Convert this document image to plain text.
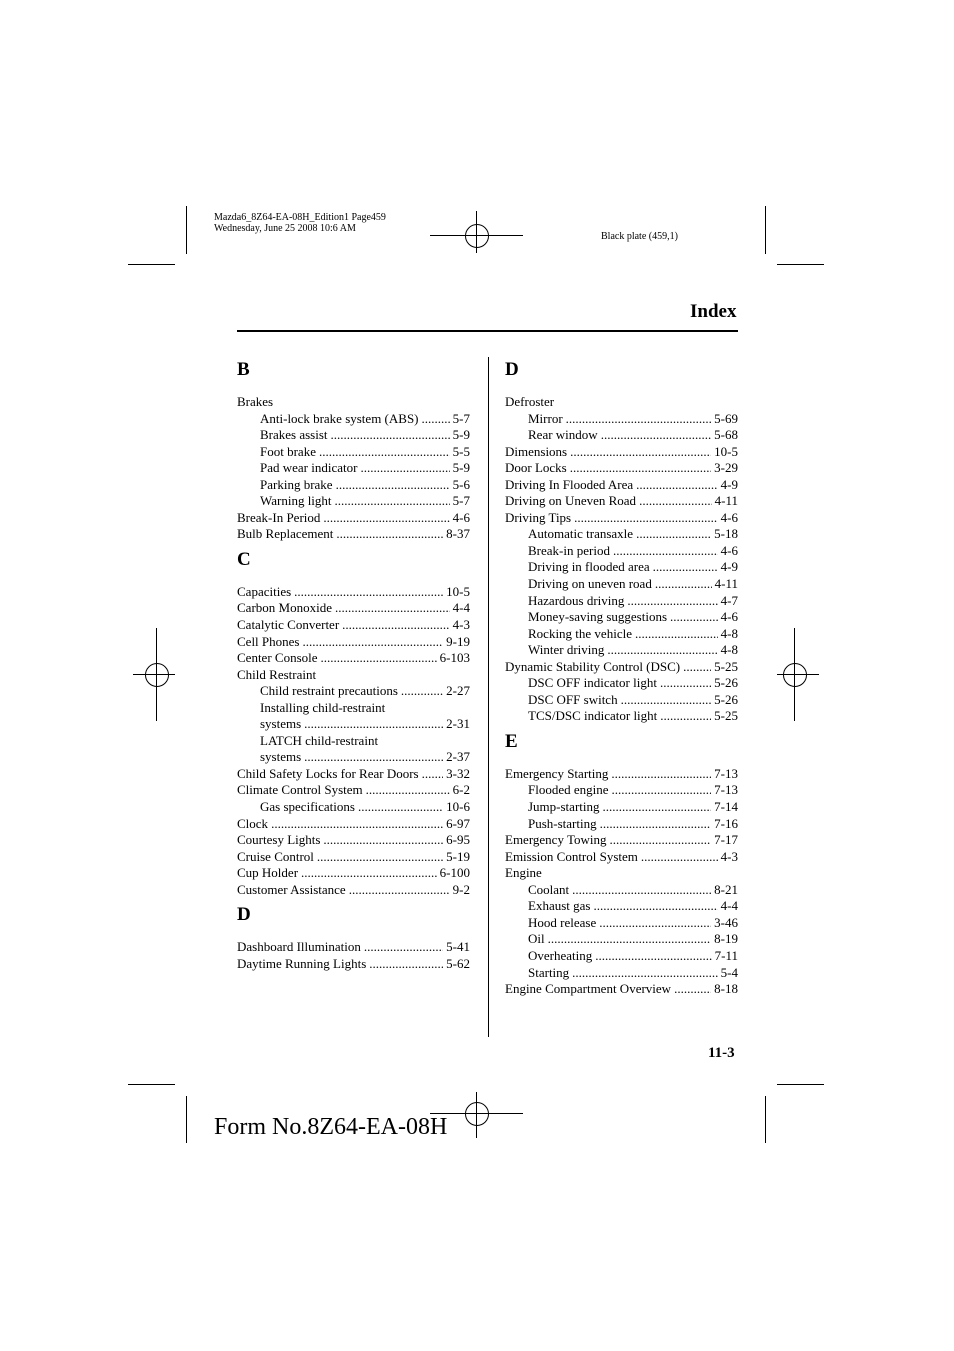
Mazda6_8Z64-EA-08H_Edition1 Page459
Wednesday, June 25 2008 10:6 AM
Black plate (459,1)
Index
B
Brakes
Anti-lock brake system (ABS) .....	5-7
Brakes assist .....	5-9
Foot brake .....	5-5
Pad wear indicator .....	5-9
Parking brake .....	5-6
Warning light .....	5-7
Break-In Period .....	4-6
Bulb Replacement .....	8-37
C
Capacities .....	10-5
Carbon Monoxide .....	4-4
Catalytic Converter .....	4-3
Cell Phones .....	9-19
Center Console .....	6-103
Child Restraint
Child restraint precautions .....	2-27
Installing child-restraint
systems .....	2-31
LATCH child-restraint
systems .....	2-37
Child Safety Locks for Rear Doors ..... 3-32
Climate Control System .....	6-2
Gas specifications .....	10-6
Clock .....	6-97
Courtesy Lights .....	6-95
Cruise Control .....	5-19
Cup Holder .....	6-100
Customer Assistance .....	9-2
D
Dashboard Illumination .....	5-41
Daytime Running Lights .....	5-62
D
Defroster
Mirror .....	5-69
Rear window .....	5-68
Dimensions .....	10-5
Door Locks .....	3-29
Driving In Flooded Area .....	4-9
Driving on Uneven Road .....	4-11
Driving Tips .....	4-6
Automatic transaxle .....	5-18
Break-in period .....	4-6
Driving in flooded area .....	4-9
Driving on uneven road .....	4-11
Hazardous driving .....	4-7
Money-saving suggestions .....	4-6
Rocking the vehicle .....	4-8
Winter driving .....	4-8
Dynamic Stability Control (DSC) .....	5-25
DSC OFF indicator light .....	5-26
DSC OFF switch .....	5-26
TCS/DSC indicator light .....	5-25
E
Emergency Starting .....	7-13
Flooded engine .....	7-13
Jump-starting .....	7-14
Push-starting .....	7-16
Emergency Towing .....	7-17
Emission Control System .....	4-3
Engine
Coolant .....	8-21
Exhaust gas .....	4-4
Hood release .....	3-46
Oil .....	8-19
Overheating .....	7-11
Starting .....	5-4
Engine Compartment Overview .....	8-18
11-3
Form No.8Z64-EA-08H
